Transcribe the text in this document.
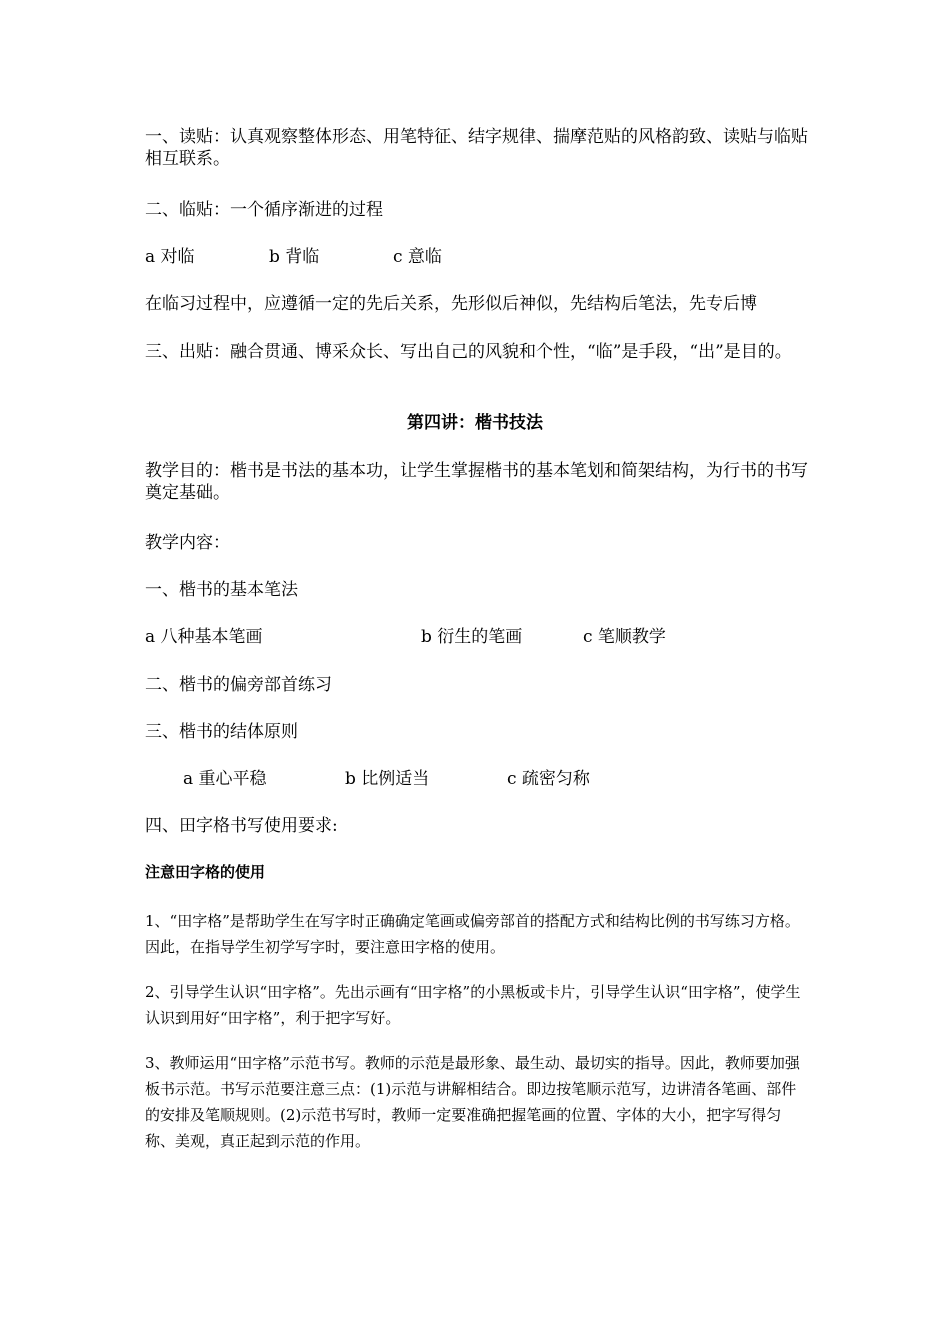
一、读贴：认真观察整体形态、用笔特征、结字规律、揣摩范贴的风格韵致、读贴与临贴相互联系。
二、临贴：一个循序渐进的过程
a 对临	b 背临	c 意临
在临习过程中，应遵循一定的先后关系，先形似后神似，先结构后笔法，先专后博
三、出贴：融合贯通、博采众长、写出自己的风貌和个性，“临”是手段，“出”是目的。
第四讲：楷书技法
教学目的：楷书是书法的基本功，让学生掌握楷书的基本笔划和简架结构，为行书的书写奠定基础。
教学内容：
一、楷书的基本笔法
a 八种基本笔画	b 衍生的笔画	c 笔顺教学
二、楷书的偏旁部首练习
三、楷书的结体原则
a 重心平稳	b 比例适当	c 疏密匀称
四、田字格书写使用要求:
注意田字格的使用
1、“田字格”是帮助学生在写字时正确确定笔画或偏旁部首的搭配方式和结构比例的书写练习方格。因此，在指导学生初学写字时，要注意田字格的使用。
2、引导学生认识“田字格”。先出示画有“田字格”的小黑板或卡片，引导学生认识“田字格”，使学生认识到用好“田字格”，利于把字写好。
3、教师运用“田字格”示范书写。教师的示范是最形象、最生动、最切实的指导。因此，教师要加强板书示范。书写示范要注意三点：(1)示范与讲解相结合。即边按笔顺示范写，边讲清各笔画、部件的安排及笔顺规则。(2)示范书写时，教师一定要准确把握笔画的位置、字体的大小，把字写得匀称、美观，真正起到示范的作用。
